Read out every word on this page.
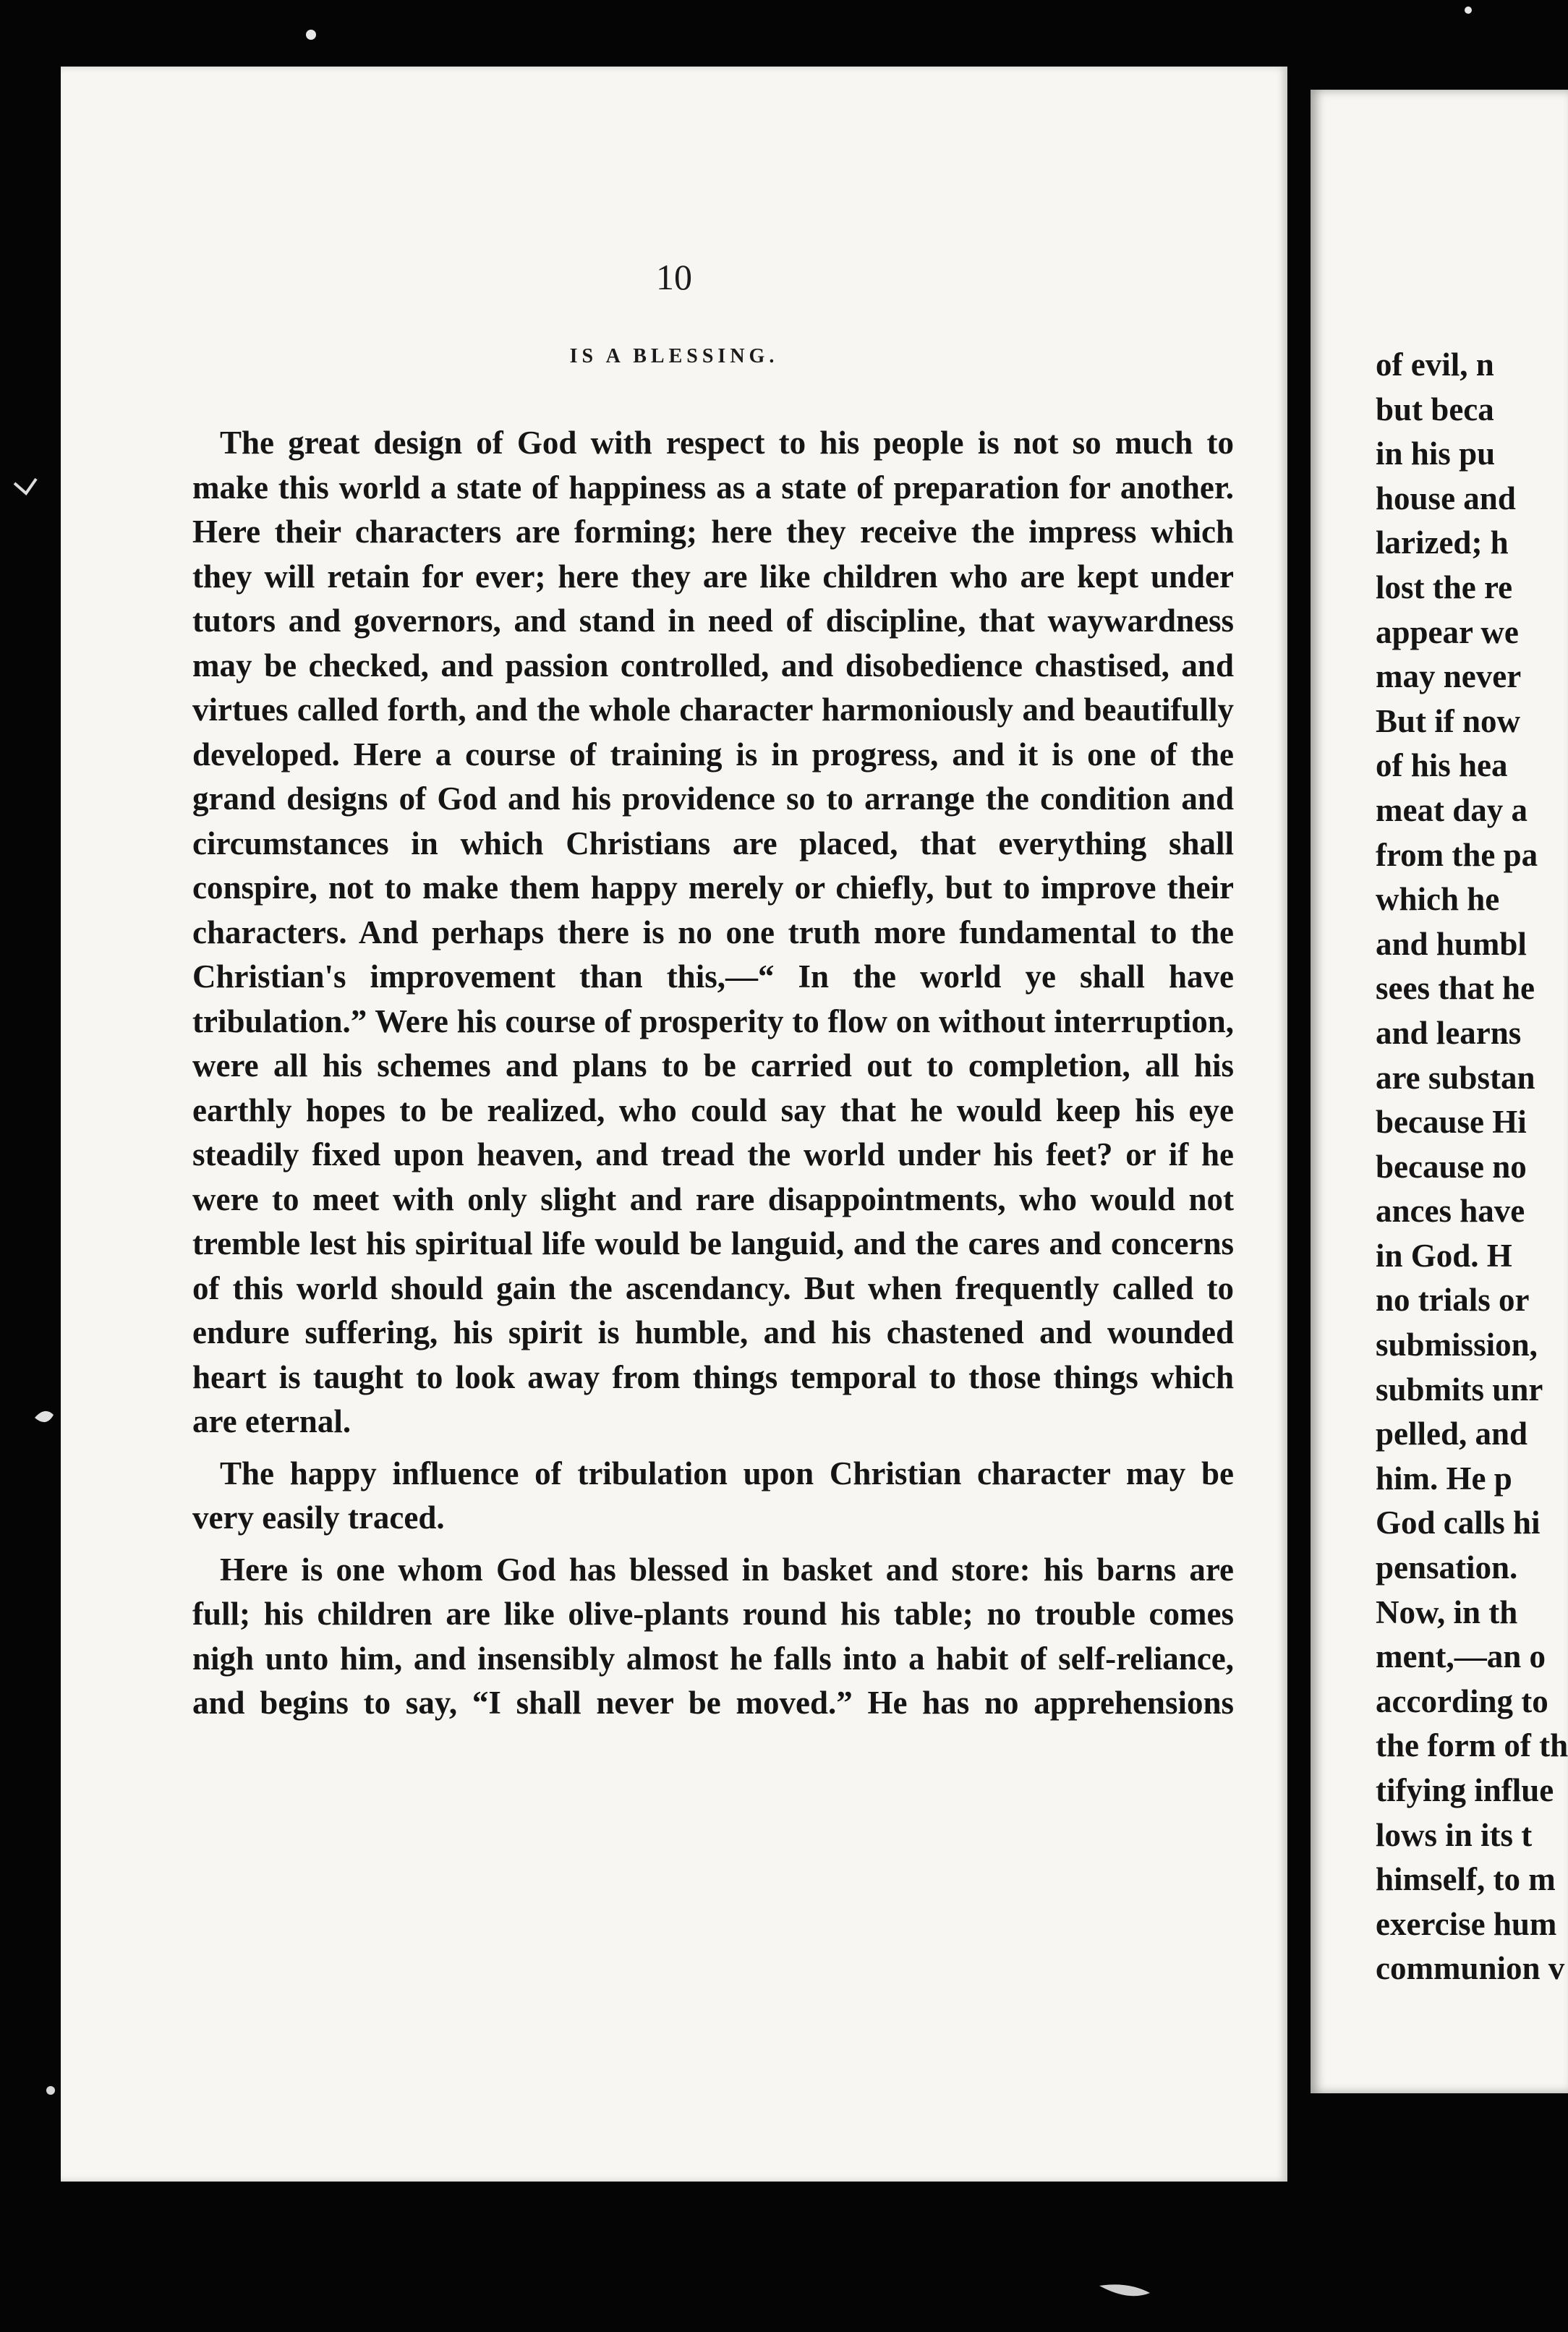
10
IS A BLESSING.

The great design of God with respect to his people is not so much to make this world a state of happiness as a state of preparation for another. Here their characters are forming; here they receive the impress which they will retain for ever; here they are like children who are kept under tutors and governors, and stand in need of discipline, that waywardness may be checked, and passion controlled, and disobedience chastised, and virtues called forth, and the whole character harmoniously and beautifully developed. Here a course of training is in progress, and it is one of the grand designs of God and his providence so to arrange the condition and circumstances in which Christians are placed, that everything shall conspire, not to make them happy merely or chiefly, but to improve their characters. And perhaps there is no one truth more fundamental to the Christian's improvement than this,—“ In the world ye shall have tribulation.” Were his course of prosperity to flow on without interruption, were all his schemes and plans to be carried out to completion, all his earthly hopes to be realized, who could say that he would keep his eye steadily fixed upon heaven, and tread the world under his feet? or if he were to meet with only slight and rare disappointments, who would not tremble lest his spiritual life would be languid, and the cares and concerns of this world should gain the ascendancy. But when frequently called to endure suffering, his spirit is humble, and his chastened and wounded heart is taught to look away from things temporal to those things which are eternal.

The happy influence of tribulation upon Christian character may be very easily traced.

Here is one whom God has blessed in basket and store: his barns are full; his children are like olive-plants round his table; no trouble comes nigh unto him, and insensibly almost he falls into a habit of self-reliance, and begins to say, “I shall never be moved.” He has no apprehensions

of evil, n
but beca
in his pu
house and
larized; h
lost the re
appear we
may never
But if now
of his hea
meat day a
from the pa
which he
and humbl
sees that he
and learns
are substan
because Hi
because no
ances have
in God. H
no trials or
submission,
submits unr
pelled, and
him. He p
God calls hi
pensation.
Now, in th
ment,—an o
according to
the form of th
tifying influe
lows in its t
himself, to m
exercise hum
communion v
